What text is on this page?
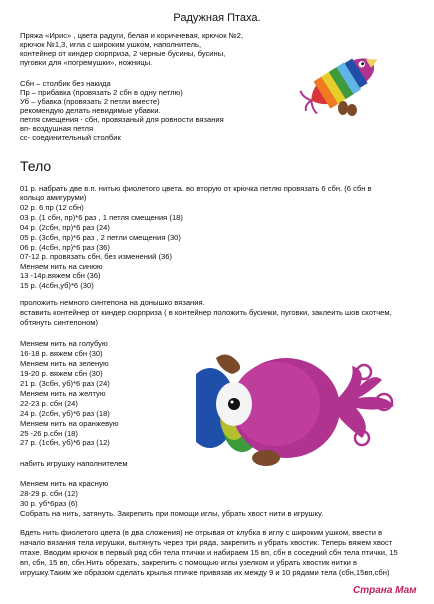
Радужная Птаха.
Пряжа «Ирис» , цвета радуги, белая и коричневая, крючок №2,
крючок №1,3, игла с широким ушком, наполнитель,
контейнер от киндер сюрприза, 2 черные бусины, бусины,
пуговки для «погремушки», ножницы.
Сбн – столбик без накида
Пр – прибавка (провязать 2 сбн в одну петлю)
Уб – убавка (провязать 2 петли вместе)
рекомендую делать невидимые убавки.
петля смещения - сбн, провязаный для ровности вязания
вп- воздушная петля
сс- соединительный столбик
Тело
01 р. набрать две в.п. нитью фиолетого цвета. во вторую от крючка петлю провязать 6 сбн. (6 сбн в
кольцо амигуруми)
02 р. 6 пр (12 сбн)
03 р. (1 сбн, пр)*6 раз , 1 петля смещения (18)
04 р. (2сбн, пр)*6 раз (24)
05 р. (3сбн, пр)*6 раз , 2 петли смещения (30)
06 р. (4сбн, пр)*6 раз (36)
07-12 р. провязать сбн, без изменений (36)
Меняем нить на синюю
13 -14р.вяжем сбн (36)
15 р. (4сбн,уб)*6 (30)
проложить немного синтепона на донышко вязания.
вставить контейнер от киндер сюрприза ( в контейнер положить бусинки, пуговки, заклеить шов скотчем,
обтянуть синтепоном)
Меняем нить на голубую
16-18 р. вяжем сбн (30)
Меняем нить на зеленую
19-20 р. вяжем сбн (30)
21 р. (3сбн, уб)*6 раз (24)
Меняем нить на желтую
22-23 р. сбн (24)
24 р. (2сбн, уб)*6 раз (18)
Меняем нить на оранжевую
25 -26 р.сбн (18)
27 р. (1сбн, уб)*6 раз (12)
набить игрушку наполнителем
Меняем нить на красную
28-29 р. сбн (12)
30 р. уб*6раз (6)
Собрать на нить, затянуть. Закрепить при помощи иглы, убрать хвост нити в игрушку.
Вдеть нить фиолетого цвета (в два сложения) не отрывая от клубка в иглу с широким ушком, ввести в
начало вязания тела игрушки, вытянуть через три ряда, закрепить и убрать хвостик. Теперь вяжем хвост
птахе. Вводим крючок в первый ряд сбн тела птички и набираем 15 вп, сбн в соседний сбн тела птички, 15
вп, сбн, 15 вп, сбн.Нить обрезать, закрепить с помощью иглы узелком и убрать хвостик нитки в
игрушку.Таким же образом сделать крылья птичке привязав их между 9 и 10 рядами тела (сбн,15вп,сбн)
Страна Мам
